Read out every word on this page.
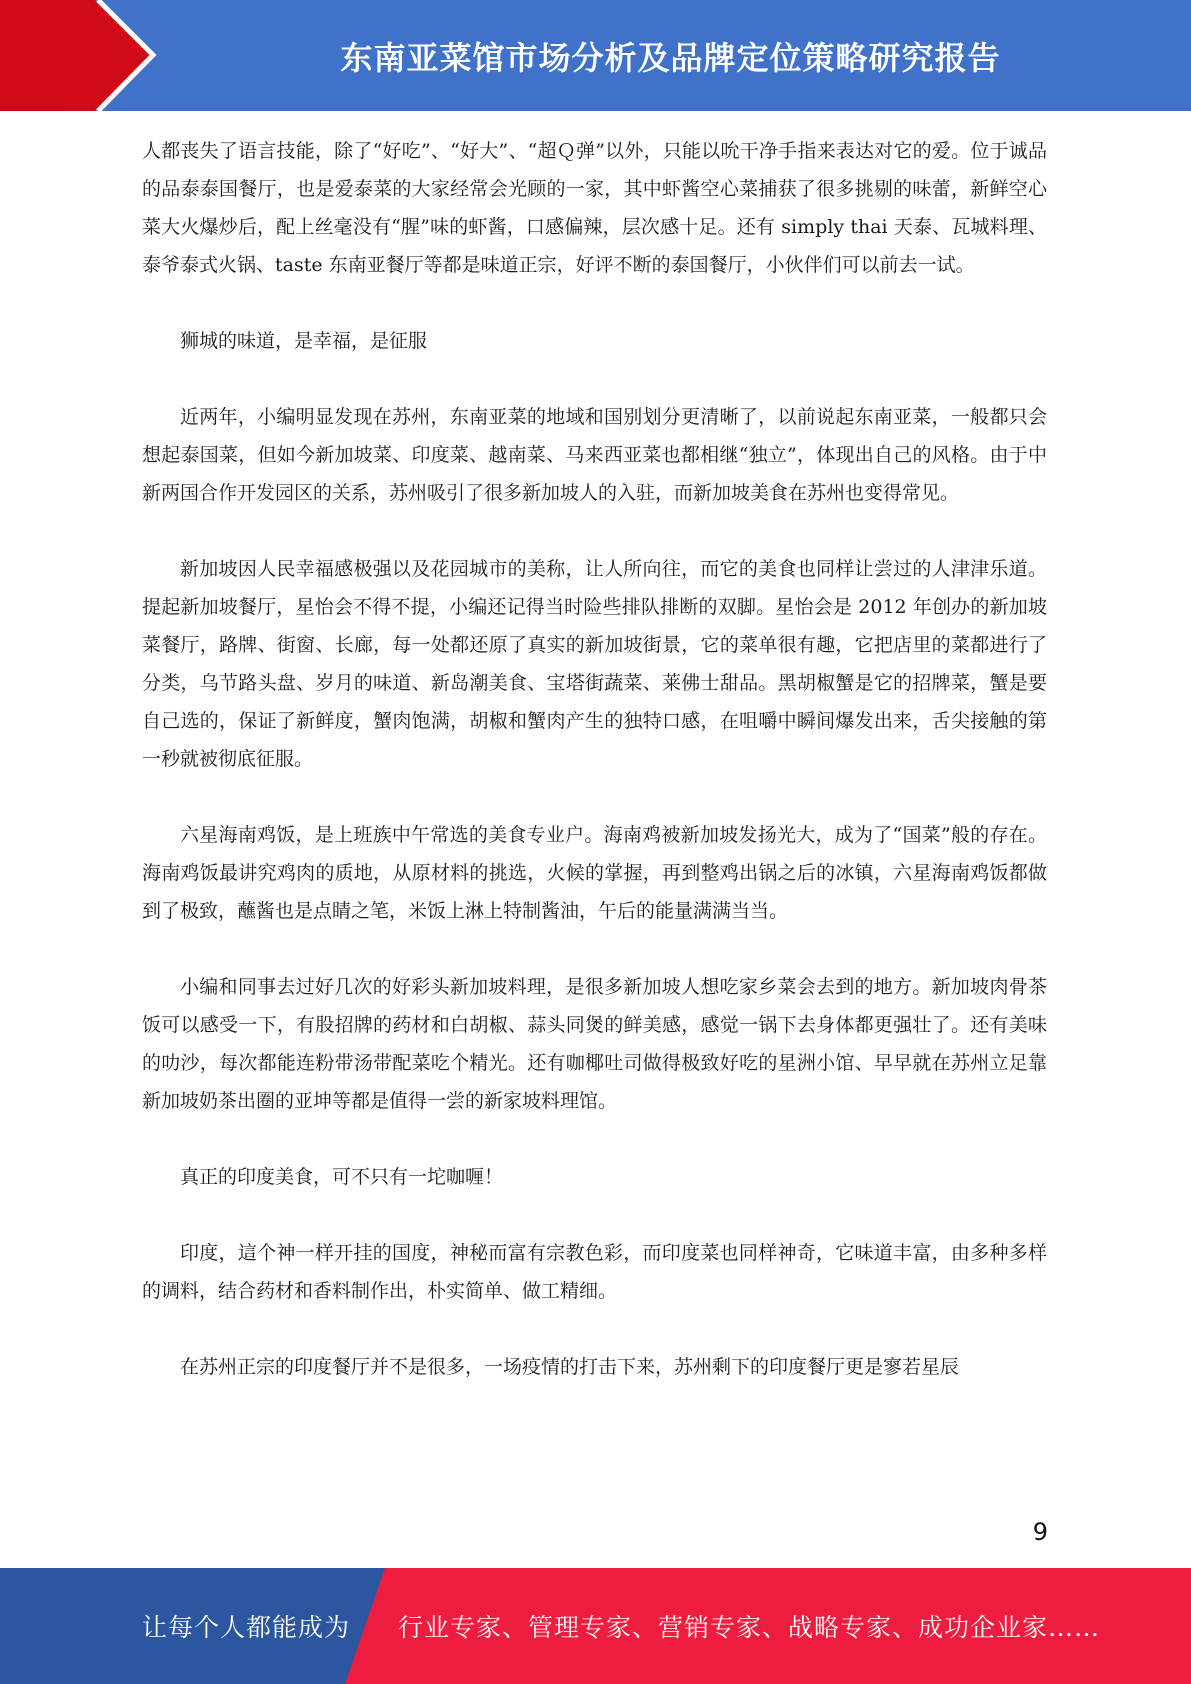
东南亚菜馆市场分析及品牌定位策略研究报告

人都丧失了语言技能，除了“好吃”、“好大”、“超Ｑ弹”以外，只能以吮干净手指来表达对它的爱。位于诚品的品泰泰国餐厅，也是爱泰菜的大家经常会光顾的一家，其中虾酱空心菜捕获了很多挑剔的味蕾，新鲜空心菜大火爆炒后，配上丝毫没有“腥”味的虾酱，口感偏辣，层次感十足。还有 simply thai 天泰、瓦城料理、泰爷泰式火锅、taste 东南亚餐厅等都是味道正宗，好评不断的泰国餐厅，小伙伴们可以前去一试。

狮城的味道，是幸福，是征服

近两年，小编明显发现在苏州，东南亚菜的地域和国别划分更清晰了，以前说起东南亚菜，一般都只会想起泰国菜，但如今新加坡菜、印度菜、越南菜、马来西亚菜也都相继“独立”，体现出自己的风格。由于中新两国合作开发园区的关系，苏州吸引了很多新加坡人的入驻，而新加坡美食在苏州也变得常见。

新加坡因人民幸福感极强以及花园城市的美称，让人所向往，而它的美食也同样让尝过的人津津乐道。提起新加坡餐厅，星怡会不得不提，小编还记得当时险些排队排断的双脚。星怡会是 2012 年创办的新加坡菜餐厅，路牌、街窗、长廊，每一处都还原了真实的新加坡街景，它的菜单很有趣，它把店里的菜都进行了分类，乌节路头盘、岁月的味道、新岛潮美食、宝塔街蔬菜、莱佛士甜品。黑胡椒蟹是它的招牌菜，蟹是要自己选的，保证了新鲜度，蟹肉饱满，胡椒和蟹肉产生的独特口感，在咀嚼中瞬间爆发出来，舌尖接触的第一秒就被彻底征服。

六星海南鸡饭，是上班族中午常选的美食专业户。海南鸡被新加坡发扬光大，成为了“国菜”般的存在。海南鸡饭最讲究鸡肉的质地，从原材料的挑选，火候的掌握，再到整鸡出锅之后的冰镇，六星海南鸡饭都做到了极致，蘸酱也是点睛之笔，米饭上淋上特制酱油，午后的能量满满当当。

小编和同事去过好几次的好彩头新加坡料理，是很多新加坡人想吃家乡菜会去到的地方。新加坡肉骨茶饭可以感受一下，有股招牌的药材和白胡椒、蒜头同煲的鲜美感，感觉一锅下去身体都更强壮了。还有美味的叻沙，每次都能连粉带汤带配菜吃个精光。还有咖椰吐司做得极致好吃的星洲小馆、早早就在苏州立足靠新加坡奶茶出圈的亚坤等都是值得一尝的新家坡料理馆。

真正的印度美食，可不只有一坨咖喱！

印度，這个神一样开挂的国度，神秘而富有宗教色彩，而印度菜也同样神奇，它味道丰富，由多种多样的调料，结合药材和香料制作出，朴实简单、做工精细。

在苏州正宗的印度餐厅并不是很多，一场疫情的打击下来，苏州剩下的印度餐厅更是寥若星辰

9
让每个人都能成为 行业专家、管理专家、营销专家、战略专家、成功企业家……
